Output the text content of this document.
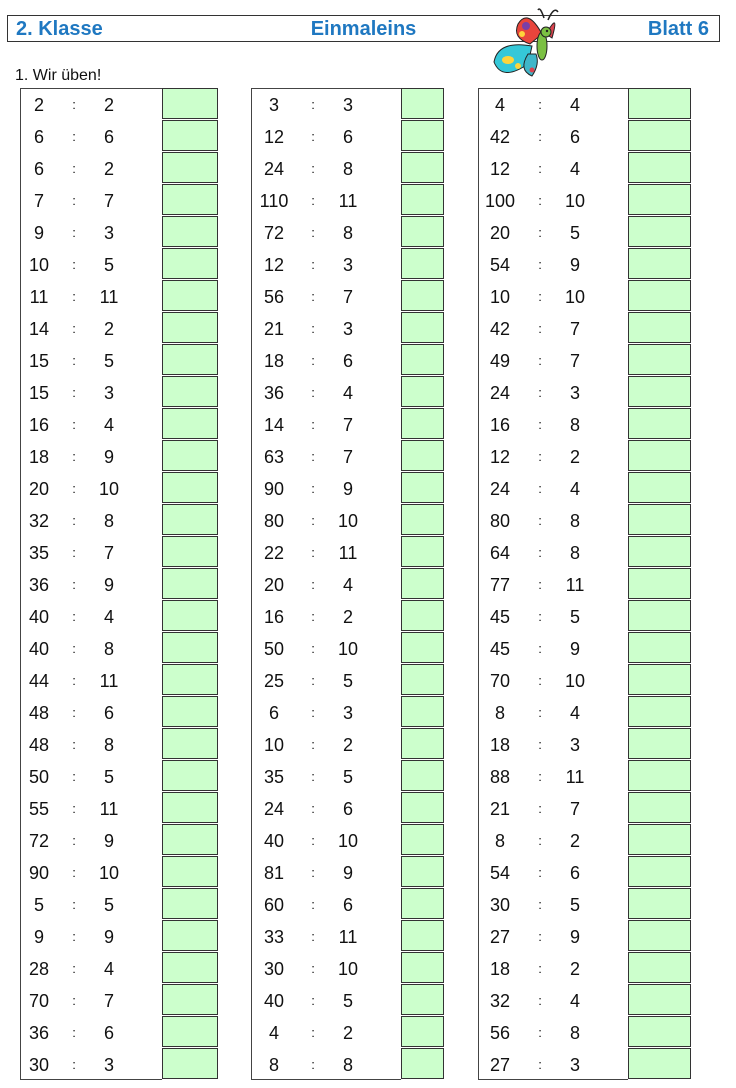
2. Klasse	Einmaleins	Blatt 6
1. Wir üben!
2	:	2
6	:	6
6	:	2
7	:	7
9	:	3
10	:	5
11	:	11
14	:	2
15	:	5
15	:	3
16	:	4
18	:	9
20	:	10
32	:	8
35	:	7
36	:	9
40	:	4
40	:	8
44	:	11
48	:	6
48	:	8
50	:	5
55	:	11
72	:	9
90	:	10
5	:	5
9	:	9
28	:	4
70	:	7
36	:	6
30	:	3
3	:	3
12	:	6
24	:	8
110 :	11
72	:	8
12	:	3
56	:	7
21	:	3
18	:	6
36	:	4
14	:	7
63	:	7
90	:	9
80	:	10
22	:	11
20	:	4
16	:	2
50	:	10
25	:	5
6	:	3
10	:	2
35	:	5
24	:	6
40	:	10
81	:	9
60	:	6
33	:	11
30	:	10
40	:	5
4	:	2
8	:	8
4	:	4
42	:	6
12	:	4
100 :	10
20	:	5
54	:	9
10	:	10
42	:	7
49	:	7
24	:	3
16	:	8
12	:	2
24	:	4
80	:	8
64	:	8
77	:	11
45	:	5
45	:	9
70	:	10
8	:	4
18	:	3
88	:	11
21	:	7
8	:	2
54	:	6
30	:	5
27	:	9
18	:	2
32	:	4
56	:	8
27	:	3
